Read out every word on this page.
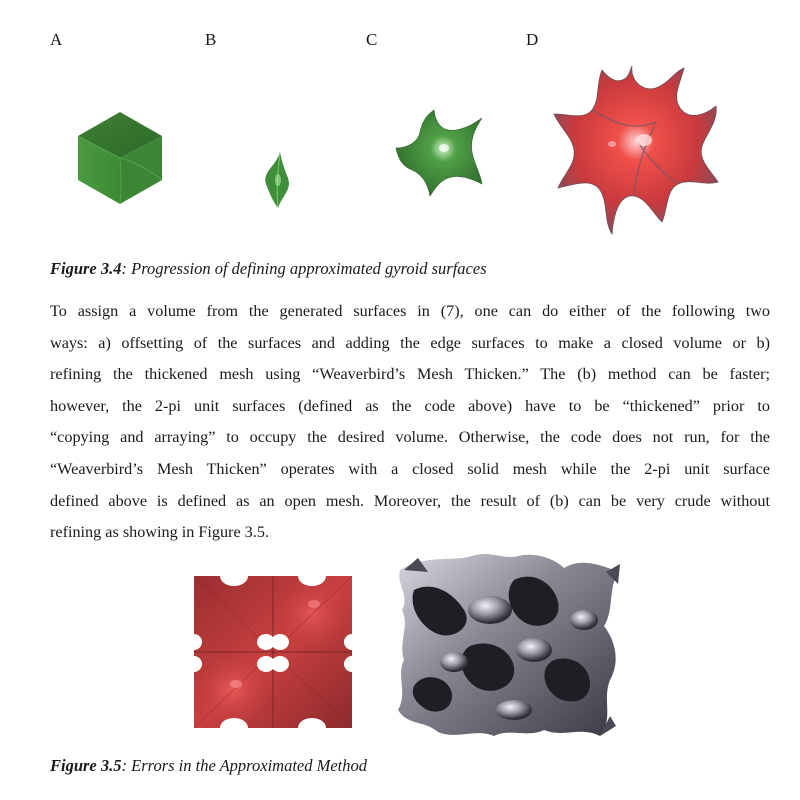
A	B	C	D
Figure 3.4: Progression of defining approximated gyroid surfaces
To assign a volume from the generated surfaces in (7), one can do either of the following two
ways: a) offsetting of the surfaces and adding the edge surfaces to make a closed volume or b)
refining the thickened mesh using “Weaverbird’s Mesh Thicken.” The (b) method can be faster;
however, the 2-pi unit surfaces (defined as the code above) have to be “thickened” prior to
“copying and arraying” to occupy the desired volume. Otherwise, the code does not run, for the
“Weaverbird’s Mesh Thicken” operates with a closed solid mesh while the 2-pi unit surface
defined above is defined as an open mesh. Moreover, the result of (b) can be very crude without
refining as showing in Figure 3.5.
Figure 3.5: Errors in the Approximated Method
